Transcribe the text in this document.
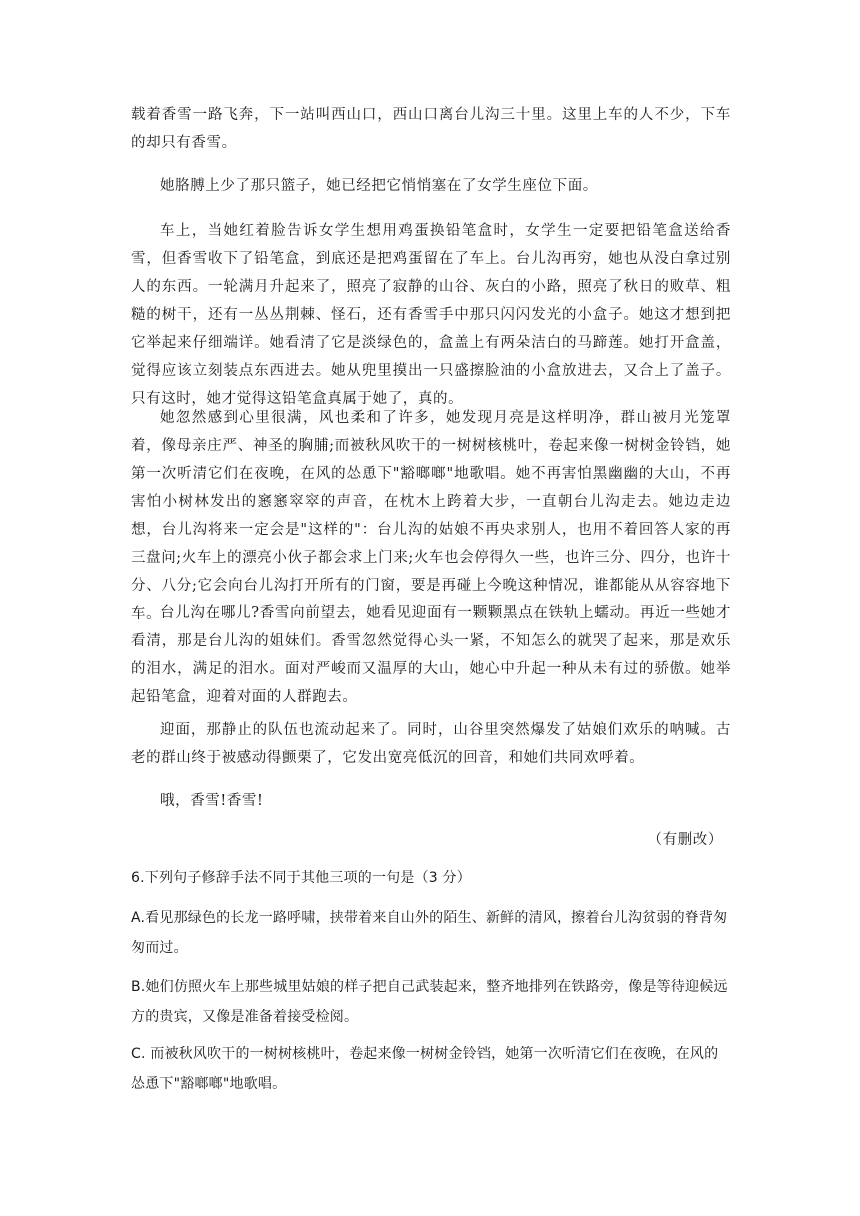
载着香雪一路飞奔，下一站叫西山口，西山口离台儿沟三十里。这里上车的人不少，下车的却只有香雪。

她胳膊上少了那只篮子，她已经把它悄悄塞在了女学生座位下面。

车上，当她红着脸告诉女学生想用鸡蛋换铅笔盒时，女学生一定要把铅笔盒送给香雪，但香雪收下了铅笔盒，到底还是把鸡蛋留在了车上。台儿沟再穷，她也从没白拿过别人的东西。一轮满月升起来了，照亮了寂静的山谷、灰白的小路，照亮了秋日的败草、粗糙的树干，还有一丛丛荆棘、怪石，还有香雪手中那只闪闪发光的小盒子。她这才想到把它举起来仔细端详。她看清了它是淡绿色的，盒盖上有两朵洁白的马蹄莲。她打开盒盖，觉得应该立刻装点东西进去。她从兜里摸出一只盛擦脸油的小盒放进去，又合上了盖子。只有这时，她才觉得这铅笔盒真属于她了，真的。

她忽然感到心里很满，风也柔和了许多，她发现月亮是这样明净，群山被月光笼罩着，像母亲庄严、神圣的胸脯;而被秋风吹干的一树树核桃叶，卷起来像一树树金铃铛，她第一次听清它们在夜晚，在风的怂恿下"豁啷啷"地歌唱。她不再害怕黑幽幽的大山，不再害怕小树林发出的窸窸窣窣的声音，在枕木上跨着大步，一直朝台儿沟走去。她边走边想，台儿沟将来一定会是"这样的"：台儿沟的姑娘不再央求别人，也用不着回答人家的再三盘问;火车上的漂亮小伙子都会求上门来;火车也会停得久一些，也许三分、四分，也许十分、八分;它会向台儿沟打开所有的门窗，要是再碰上今晚这种情况，谁都能从从容容地下车。

台儿沟在哪儿?香雪向前望去，她看见迎面有一颗颗黑点在铁轨上蠕动。再近一些她才看清，那是台儿沟的姐妹们。香雪忽然觉得心头一紧，不知怎么的就哭了起来，那是欢乐的泪水，满足的泪水。面对严峻而又温厚的大山，她心中升起一种从未有过的骄傲。她举起铅笔盒，迎着对面的人群跑去。

迎面，那静止的队伍也流动起来了。同时，山谷里突然爆发了姑娘们欢乐的呐喊。古老的群山终于被感动得颤栗了，它发出宽亮低沉的回音，和她们共同欢呼着。

哦，香雪!香雪!

（有删改）

6.下列句子修辞手法不同于其他三项的一句是（3 分）

A.看见那绿色的长龙一路呼啸，挟带着来自山外的陌生、新鲜的清风，擦着台儿沟贫弱的脊背匆匆而过。

B.她们仿照火车上那些城里姑娘的样子把自己武装起来，整齐地排列在铁路旁，像是等待迎候远方的贵宾，又像是准备着接受检阅。

C. 而被秋风吹干的一树树核桃叶，卷起来像一树树金铃铛，她第一次听清它们在夜晚，在风的怂恿下"豁啷啷"地歌唱。
